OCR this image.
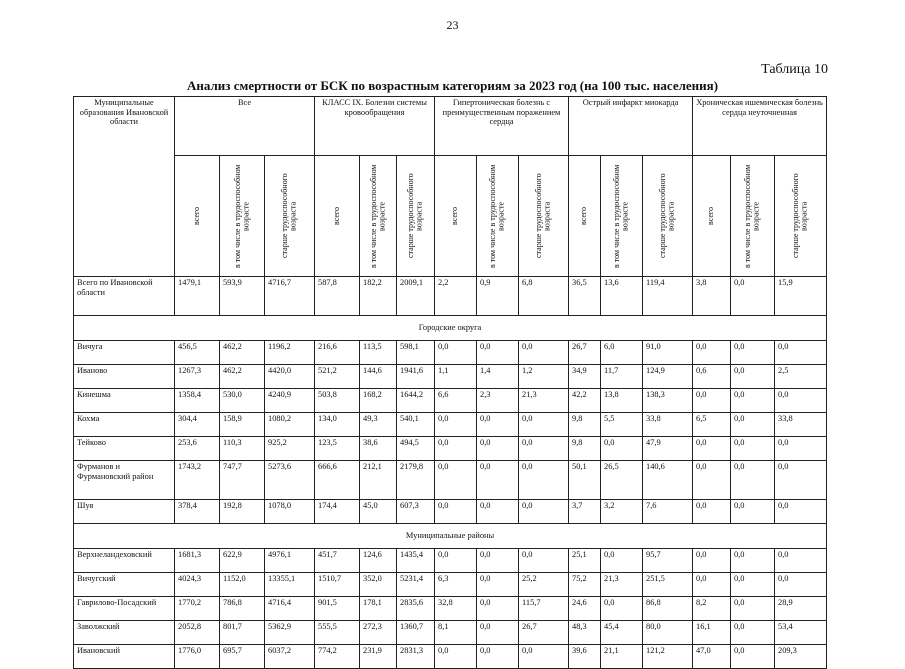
23
Таблица 10
Анализ смертности от БСК по возрастным категориям за 2023 год (на 100 тыс. населения)
Муниципальные образования Ивановской области	Все			КЛАСС IX. Болезни системы кровообращения			Гипертоническая болезнь с преимущественным поражением сердца			Острый инфаркт миокарда			Хроническая ишемическая болезнь сердца неуточненная		

	всего	в том числе в трудоспособном возрасте	старше трудоспособного возраста	всего	в том числе в трудоспособном возрасте	старше трудоспособного возраста	всего	в том числе в трудоспособном возрасте	старше трудоспособного возраста	всего	в том числе в трудоспособном возрасте	старше трудоспособного возраста	всего	в том числе в трудоспособном возрасте	старше трудоспособного возраста

Всего по Ивановской области	1479,1	593,9	4716,7	587,8	182,2	2009,1	2,2	0,9	6,8	36,5	13,6	119,4	3,8	0,0	15,9
Городские округа															
Вичуга	456,5	462,2	1196,2	216,6	113,5	598,1	0,0	0,0	0,0	26,7	6,0	91,0	0,0	0,0	0,0
Иваново	1267,3	462,2	4420,0	521,2	144,6	1941,6	1,1	1,4	1,2	34,9	11,7	124,9	0,6	0,0	2,5
Кинешма	1358,4	530,0	4240,9	503,8	168,2	1644,2	6,6	2,3	21,3	42,2	13,8	138,3	0,0	0,0	0,0
Кохма	304,4	158,9	1080,2	134,0	49,3	540,1	0,0	0,0	0,0	9,8	5,5	33,8	6,5	0,0	33,8
Тейково	253,6	110,3	925,2	123,5	38,6	494,5	0,0	0,0	0,0	9,8	0,0	47,9	0,0	0,0	0,0
Фурманов и Фурмановский район	1743,2	747,7	5273,6	666,6	212,1	2179,8	0,0	0,0	0,0	50,1	26,5	140,6	0,0	0,0	0,0
Шуя	378,4	192,8	1078,0	174,4	45,0	607,3	0,0	0,0	0,0	3,7	3,2	7,6	0,0	0,0	0,0
Муниципальные районы															
Верхнеландеховский	1681,3	622,9	4976,1	451,7	124,6	1435,4	0,0	0,0	0,0	25,1	0,0	95,7	0,0	0,0	0,0
Вичугский	4024,3	1152,0	13355,1	1510,7	352,0	5231,4	6,3	0,0	25,2	75,2	21,3	251,5	0,0	0,0	0,0
Гаврилово-Посадский	1770,2	786,8	4716,4	901,5	178,1	2835,6	32,8	0,0	115,7	24,6	0,0	86,8	8,2	0,0	28,9
Заволжский	2052,8	801,7	5362,9	555,5	272,3	1360,7	8,1	0,0	26,7	48,3	45,4	80,0	16,1	0,0	53,4
Ивановский	1776,0	695,7	6037,2	774,2	231,9	2831,3	0,0	0,0	0,0	39,6	21,1	121,2	47,0	0,0	209,3
